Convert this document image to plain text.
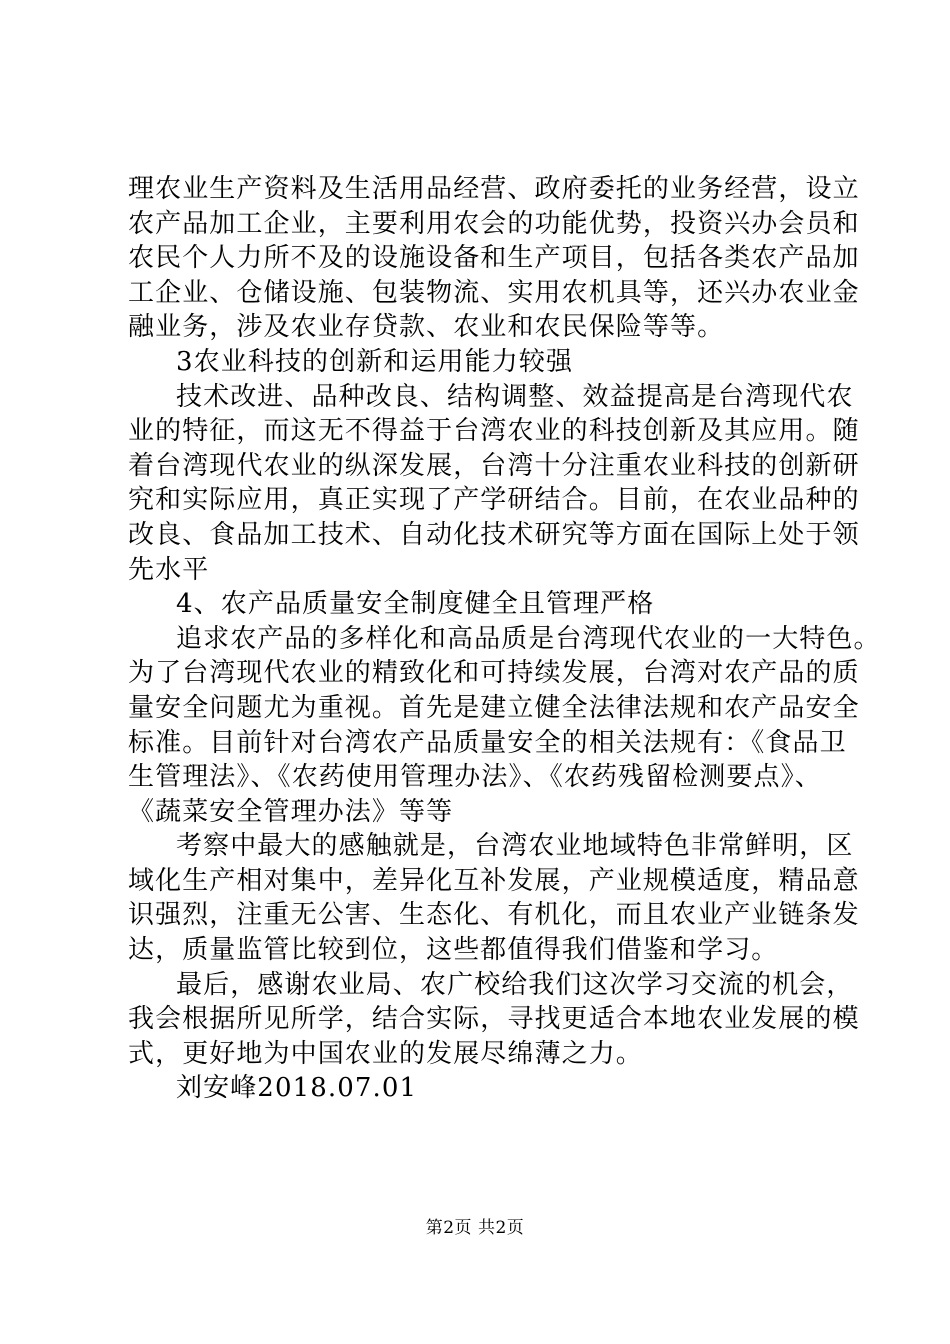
理农业生产资料及生活用品经营、政府委托的业务经营，设立
农产品加工企业，主要利用农会的功能优势，投资兴办会员和
农民个人力所不及的设施设备和生产项目，包括各类农产品加
工企业、仓储设施、包装物流、实用农机具等，还兴办农业金
融业务，涉及农业存贷款、农业和农民保险等等。
3农业科技的创新和运用能力较强
技术改进、品种改良、结构调整、效益提高是台湾现代农
业的特征，而这无不得益于台湾农业的科技创新及其应用。随
着台湾现代农业的纵深发展，台湾十分注重农业科技的创新研
究和实际应用，真正实现了产学研结合。目前，在农业品种的
改良、食品加工技术、自动化技术研究等方面在国际上处于领
先水平
4、农产品质量安全制度健全且管理严格
追求农产品的多样化和高品质是台湾现代农业的一大特色。
为了台湾现代农业的精致化和可持续发展，台湾对农产品的质
量安全问题尤为重视。首先是建立健全法律法规和农产品安全
标准。目前针对台湾农产品质量安全的相关法规有：《食品卫
生管理法》、《农药使用管理办法》、《农药残留检测要点》、
《蔬菜安全管理办法》等等
考察中最大的感触就是，台湾农业地域特色非常鲜明，区
域化生产相对集中，差异化互补发展，产业规模适度，精品意
识强烈，注重无公害、生态化、有机化，而且农业产业链条发
达，质量监管比较到位，这些都值得我们借鉴和学习。
最后，感谢农业局、农广校给我们这次学习交流的机会，
我会根据所见所学，结合实际，寻找更适合本地农业发展的模
式，更好地为中国农业的发展尽绵薄之力。
刘安峰2018.07.01
第2页 共2页
